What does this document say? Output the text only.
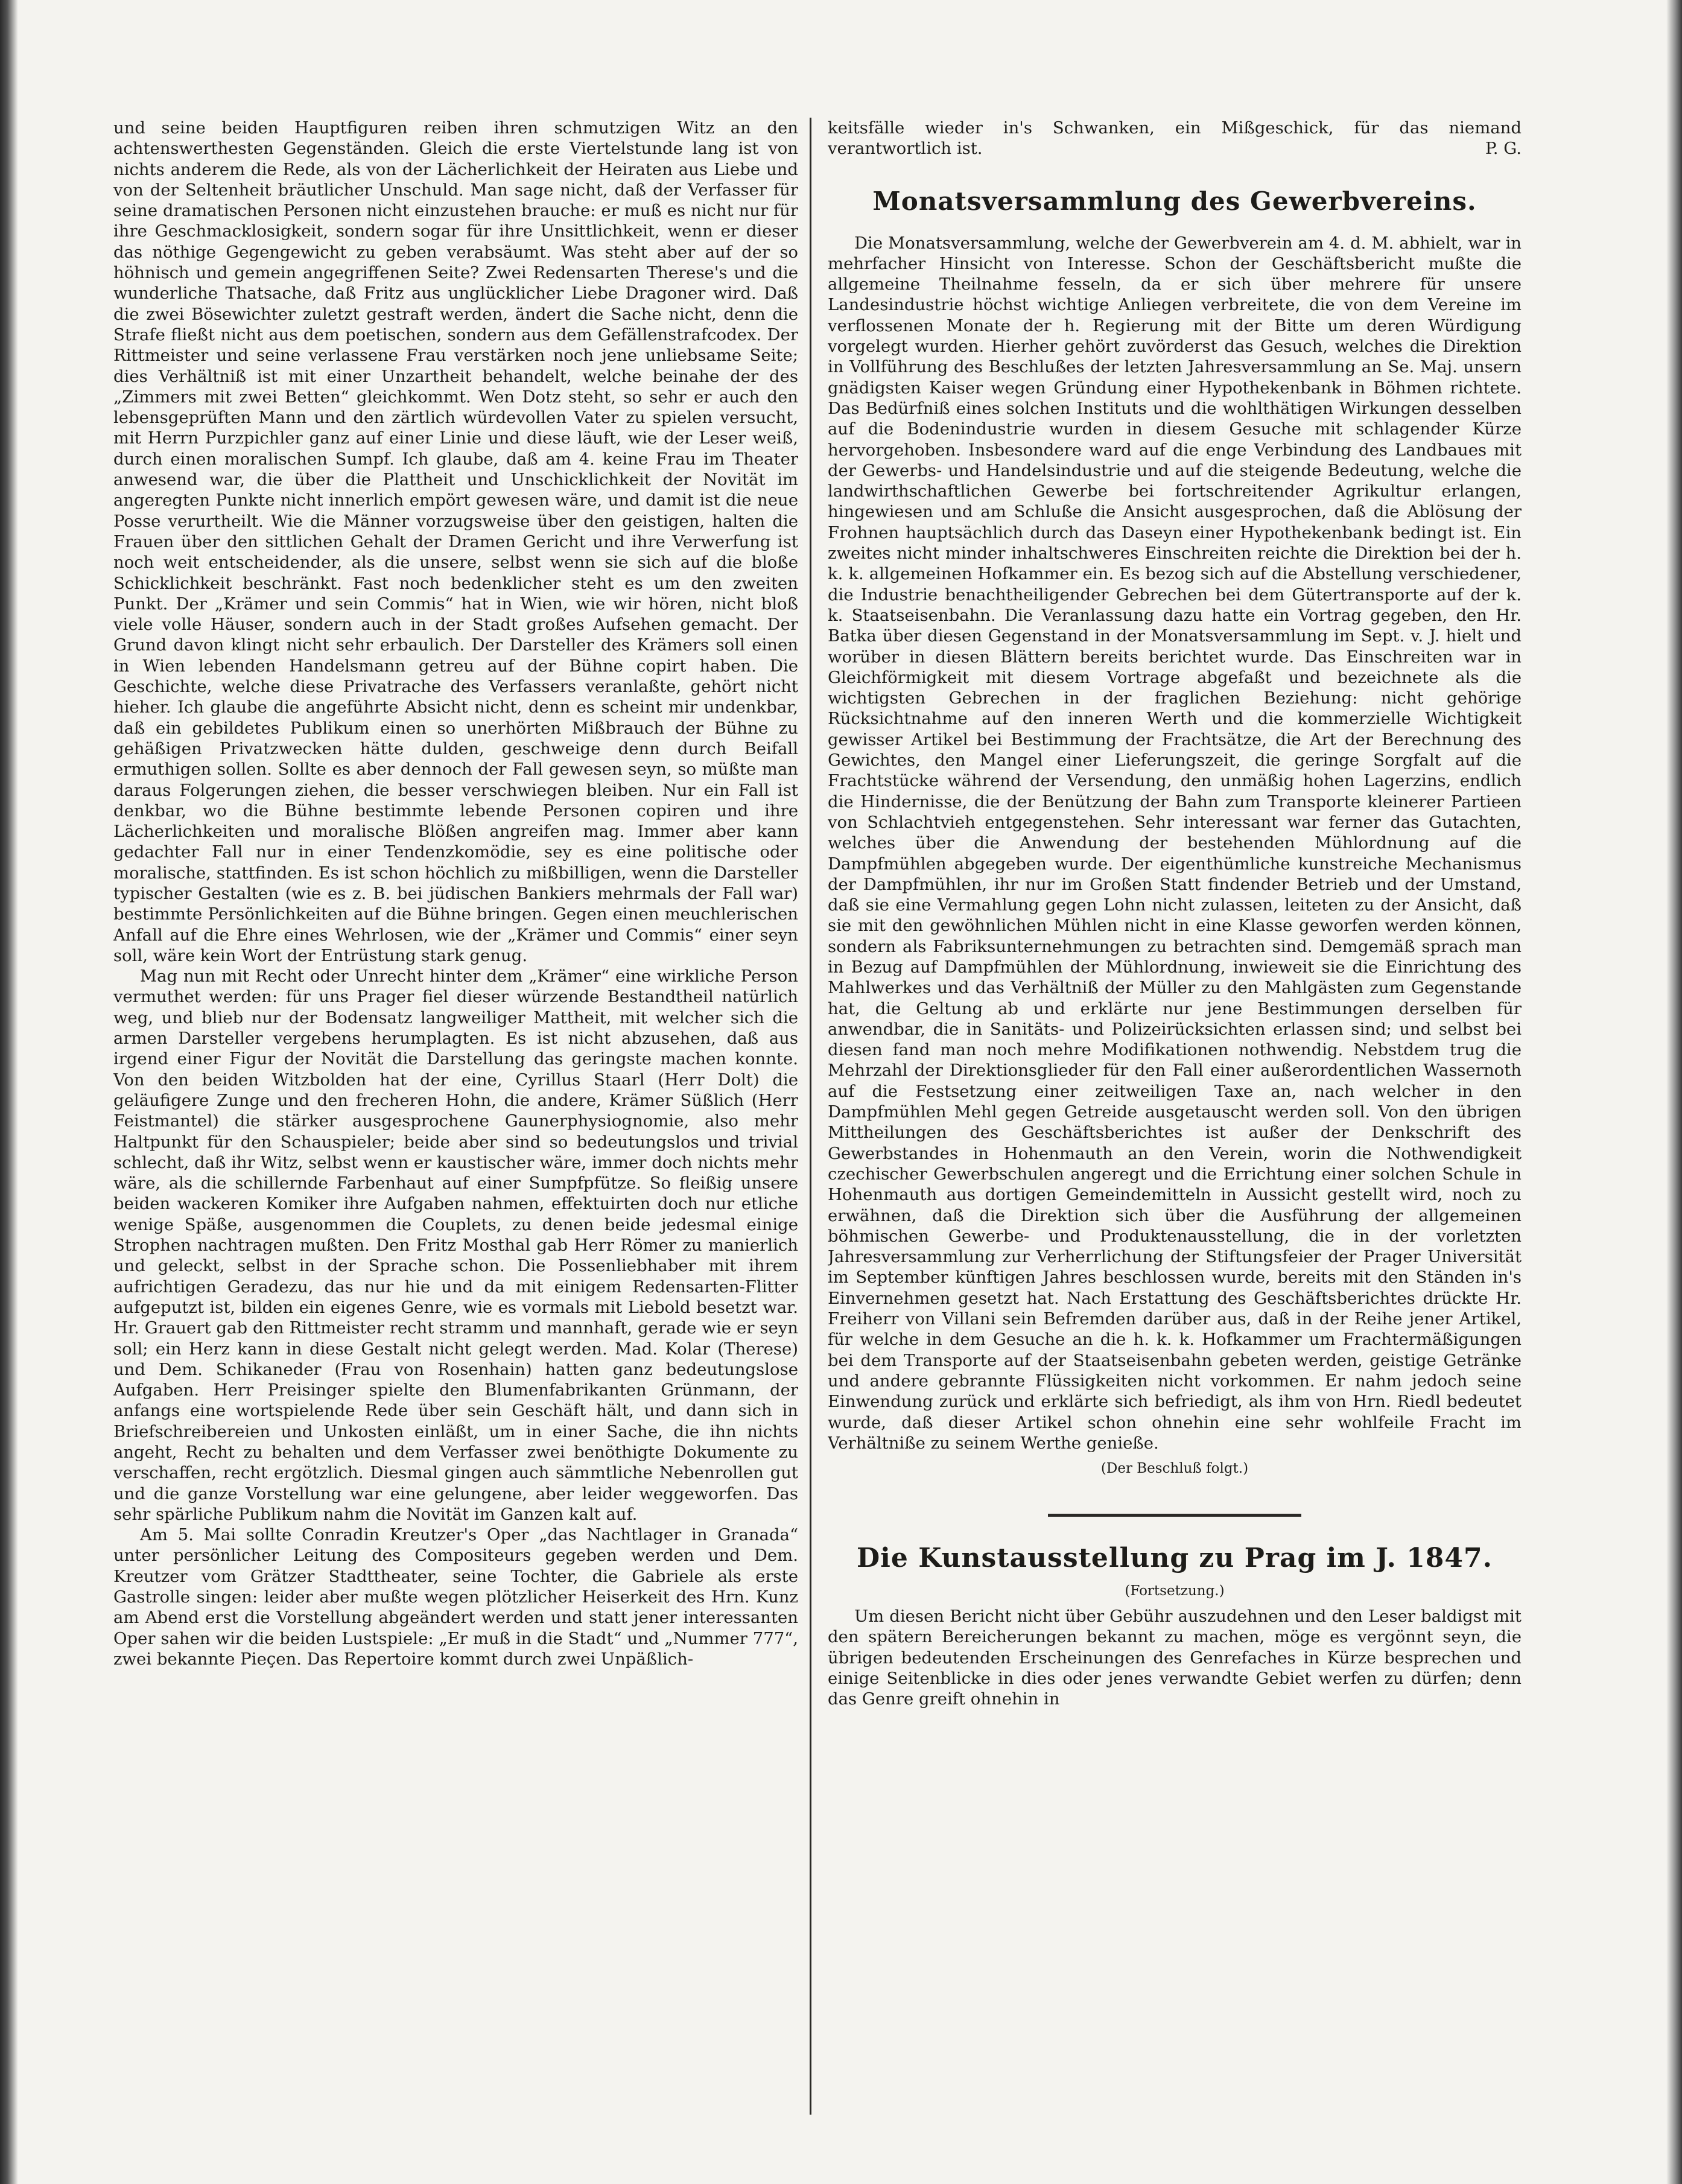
und seine beiden Hauptfiguren reiben ihren schmutzigen Witz an den achtenswerthesten Gegenständen. Gleich die erste Viertelstunde lang ist von nichts anderem die Rede, als von der Lächerlichkeit der Heiraten aus Liebe und von der Seltenheit bräutlicher Unschuld. Man sage nicht, daß der Verfasser für seine dramatischen Personen nicht einzustehen brauche: er muß es nicht nur für ihre Geschmacklosigkeit, sondern sogar für ihre Unsittlichkeit, wenn er dieser das nöthige Gegengewicht zu geben verabsäumt. Was steht aber auf der so höhnisch und gemein angegriffenen Seite? Zwei Redensarten Therese's und die wunderliche Thatsache, daß Fritz aus unglücklicher Liebe Dragoner wird. Daß die zwei Bösewichter zuletzt gestraft werden, ändert die Sache nicht, denn die Strafe fließt nicht aus dem poetischen, sondern aus dem Gefällenstrafcodex. Der Rittmeister und seine verlassene Frau verstärken noch jene unliebsame Seite; dies Verhältniß ist mit einer Unzartheit behandelt, welche beinahe der des „Zimmers mit zwei Betten“ gleichkommt. Wen Dotz steht, so sehr er auch den lebensgeprüften Mann und den zärtlich würdevollen Vater zu spielen versucht, mit Herrn Purzpichler ganz auf einer Linie und diese läuft, wie der Leser weiß, durch einen moralischen Sumpf. Ich glaube, daß am 4. keine Frau im Theater anwesend war, die über die Plattheit und Unschicklichkeit der Novität im angeregten Punkte nicht innerlich empört gewesen wäre, und damit ist die neue Posse verurtheilt. Wie die Männer vorzugsweise über den geistigen, halten die Frauen über den sittlichen Gehalt der Dramen Gericht und ihre Verwerfung ist noch weit entscheidender, als die unsere, selbst wenn sie sich auf die bloße Schicklichkeit beschränkt. Fast noch bedenklicher steht es um den zweiten Punkt. Der „Krämer und sein Commis“ hat in Wien, wie wir hören, nicht bloß viele volle Häuser, sondern auch in der Stadt großes Aufsehen gemacht. Der Grund davon klingt nicht sehr erbaulich. Der Darsteller des Krämers soll einen in Wien lebenden Handelsmann getreu auf der Bühne copirt haben. Die Geschichte, welche diese Privatrache des Verfassers veranlaßte, gehört nicht hieher. Ich glaube die angeführte Absicht nicht, denn es scheint mir undenkbar, daß ein gebildetes Publikum einen so unerhörten Mißbrauch der Bühne zu gehäßigen Privatzwecken hätte dulden, geschweige denn durch Beifall ermuthigen sollen. Sollte es aber dennoch der Fall gewesen seyn, so müßte man daraus Folgerungen ziehen, die besser verschwiegen bleiben. Nur ein Fall ist denkbar, wo die Bühne bestimmte lebende Personen copiren und ihre Lächerlichkeiten und moralische Blößen angreifen mag. Immer aber kann gedachter Fall nur in einer Tendenzkomödie, sey es eine politische oder moralische, stattfinden. Es ist schon höchlich zu mißbilligen, wenn die Darsteller typischer Gestalten (wie es z. B. bei jüdischen Bankiers mehrmals der Fall war) bestimmte Persönlichkeiten auf die Bühne bringen. Gegen einen meuchlerischen Anfall auf die Ehre eines Wehrlosen, wie der „Krämer und Commis“ einer seyn soll, wäre kein Wort der Entrüstung stark genug.

Mag nun mit Recht oder Unrecht hinter dem „Krämer“ eine wirkliche Person vermuthet werden: für uns Prager fiel dieser würzende Bestandtheil natürlich weg, und blieb nur der Bodensatz langweiliger Mattheit, mit welcher sich die armen Darsteller vergebens herumplagten. Es ist nicht abzusehen, daß aus irgend einer Figur der Novität die Darstellung das geringste machen konnte. Von den beiden Witzbolden hat der eine, Cyrillus Staarl (Herr Dolt) die geläufigere Zunge und den frecheren Hohn, die andere, Krämer Süßlich (Herr Feistmantel) die stärker ausgesprochene Gaunerphysiognomie, also mehr Haltpunkt für den Schauspieler; beide aber sind so bedeutungslos und trivial schlecht, daß ihr Witz, selbst wenn er kaustischer wäre, immer doch nichts mehr wäre, als die schillernde Farbenhaut auf einer Sumpfpfütze. So fleißig unsere beiden wackeren Komiker ihre Aufgaben nahmen, effektuirten doch nur etliche wenige Späße, ausgenommen die Couplets, zu denen beide jedesmal einige Strophen nachtragen mußten. Den Fritz Mosthal gab Herr Römer zu manierlich und geleckt, selbst in der Sprache schon. Die Possenliebhaber mit ihrem aufrichtigen Geradezu, das nur hie und da mit einigem Redensarten-Flitter aufgeputzt ist, bilden ein eigenes Genre, wie es vormals mit Liebold besetzt war. Hr. Grauert gab den Rittmeister recht stramm und mannhaft, gerade wie er seyn soll; ein Herz kann in diese Gestalt nicht gelegt werden. Mad. Kolar (Therese) und Dem. Schikaneder (Frau von Rosenhain) hatten ganz bedeutungslose Aufgaben. Herr Preisinger spielte den Blumenfabrikanten Grünmann, der anfangs eine wortspielende Rede über sein Geschäft hält, und dann sich in Briefschreibereien und Unkosten einläßt, um in einer Sache, die ihn nichts angeht, Recht zu behalten und dem Verfasser zwei benöthigte Dokumente zu verschaffen, recht ergötzlich. Diesmal gingen auch sämmtliche Nebenrollen gut und die ganze Vorstellung war eine gelungene, aber leider weggeworfen. Das sehr spärliche Publikum nahm die Novität im Ganzen kalt auf.

Am 5. Mai sollte Conradin Kreutzer's Oper „das Nachtlager in Granada“ unter persönlicher Leitung des Compositeurs gegeben werden und Dem. Kreutzer vom Grätzer Stadttheater, seine Tochter, die Gabriele als erste Gastrolle singen: leider aber mußte wegen plötzlicher Heiserkeit des Hrn. Kunz am Abend erst die Vorstellung abgeändert werden und statt jener interessanten Oper sahen wir die beiden Lustspiele: „Er muß in die Stadt“ und „Nummer 777“, zwei bekannte Pieçen. Das Repertoire kommt durch zwei Unpäßlich-

keitsfälle wieder in's Schwanken, ein Mißgeschick, für das niemand verantwortlich ist.	P. G.

Monatsversammlung des Gewerbvereins.

Die Monatsversammlung, welche der Gewerbverein am 4. d. M. abhielt, war in mehrfacher Hinsicht von Interesse. Schon der Geschäftsbericht mußte die allgemeine Theilnahme fesseln, da er sich über mehrere für unsere Landesindustrie höchst wichtige Anliegen verbreitete, die von dem Vereine im verflossenen Monate der h. Regierung mit der Bitte um deren Würdigung vorgelegt wurden. Hierher gehört zuvörderst das Gesuch, welches die Direktion in Vollführung des Beschlußes der letzten Jahresversammlung an Se. Maj. unsern gnädigsten Kaiser wegen Gründung einer Hypothekenbank in Böhmen richtete. Das Bedürfniß eines solchen Instituts und die wohlthätigen Wirkungen desselben auf die Bodenindustrie wurden in diesem Gesuche mit schlagender Kürze hervorgehoben. Insbesondere ward auf die enge Verbindung des Landbaues mit der Gewerbs- und Handelsindustrie und auf die steigende Bedeutung, welche die landwirthschaftlichen Gewerbe bei fortschreitender Agrikultur erlangen, hingewiesen und am Schluße die Ansicht ausgesprochen, daß die Ablösung der Frohnen hauptsächlich durch das Daseyn einer Hypothekenbank bedingt ist. Ein zweites nicht minder inhaltschweres Einschreiten reichte die Direktion bei der h. k. k. allgemeinen Hofkammer ein. Es bezog sich auf die Abstellung verschiedener, die Industrie benachtheiligender Gebrechen bei dem Gütertransporte auf der k. k. Staatseisenbahn. Die Veranlassung dazu hatte ein Vortrag gegeben, den Hr. Batka über diesen Gegenstand in der Monatsversammlung im Sept. v. J. hielt und worüber in diesen Blättern bereits berichtet wurde. Das Einschreiten war in Gleichförmigkeit mit diesem Vortrage abgefaßt und bezeichnete als die wichtigsten Gebrechen in der fraglichen Beziehung: nicht gehörige Rücksichtnahme auf den inneren Werth und die kommerzielle Wichtigkeit gewisser Artikel bei Bestimmung der Frachtsätze, die Art der Berechnung des Gewichtes, den Mangel einer Lieferungszeit, die geringe Sorgfalt auf die Frachtstücke während der Versendung, den unmäßig hohen Lagerzins, endlich die Hindernisse, die der Benützung der Bahn zum Transporte kleinerer Partieen von Schlachtvieh entgegenstehen. Sehr interessant war ferner das Gutachten, welches über die Anwendung der bestehenden Mühlordnung auf die Dampfmühlen abgegeben wurde. Der eigenthümliche kunstreiche Mechanismus der Dampfmühlen, ihr nur im Großen Statt findender Betrieb und der Umstand, daß sie eine Vermahlung gegen Lohn nicht zulassen, leiteten zu der Ansicht, daß sie mit den gewöhnlichen Mühlen nicht in eine Klasse geworfen werden können, sondern als Fabriksunternehmungen zu betrachten sind. Demgemäß sprach man in Bezug auf Dampfmühlen der Mühlordnung, inwieweit sie die Einrichtung des Mahlwerkes und das Verhältniß der Müller zu den Mahlgästen zum Gegenstande hat, die Geltung ab und erklärte nur jene Bestimmungen derselben für anwendbar, die in Sanitäts- und Polizeirücksichten erlassen sind; und selbst bei diesen fand man noch mehre Modifikationen nothwendig. Nebstdem trug die Mehrzahl der Direktionsglieder für den Fall einer außerordentlichen Wassernoth auf die Festsetzung einer zeitweiligen Taxe an, nach welcher in den Dampfmühlen Mehl gegen Getreide ausgetauscht werden soll. Von den übrigen Mittheilungen des Geschäftsberichtes ist außer der Denkschrift des Gewerbstandes in Hohenmauth an den Verein, worin die Nothwendigkeit czechischer Gewerbschulen angeregt und die Errichtung einer solchen Schule in Hohenmauth aus dortigen Gemeindemitteln in Aussicht gestellt wird, noch zu erwähnen, daß die Direktion sich über die Ausführung der allgemeinen böhmischen Gewerbe- und Produktenausstellung, die in der vorletzten Jahresversammlung zur Verherrlichung der Stiftungsfeier der Prager Universität im September künftigen Jahres beschlossen wurde, bereits mit den Ständen in's Einvernehmen gesetzt hat. Nach Erstattung des Geschäftsberichtes drückte Hr. Freiherr von Villani sein Befremden darüber aus, daß in der Reihe jener Artikel, für welche in dem Gesuche an die h. k. k. Hofkammer um Frachtermäßigungen bei dem Transporte auf der Staatseisenbahn gebeten werden, geistige Getränke und andere gebrannte Flüssigkeiten nicht vorkommen. Er nahm jedoch seine Einwendung zurück und erklärte sich befriedigt, als ihm von Hrn. Riedl bedeutet wurde, daß dieser Artikel schon ohnehin eine sehr wohlfeile Fracht im Verhältniße zu seinem Werthe genieße.

(Der Beschluß folgt.)
Die Kunstausstellung zu Prag im J. 1847.
(Fortsetzung.)

Um diesen Bericht nicht über Gebühr auszudehnen und den Leser baldigst mit den spätern Bereicherungen bekannt zu machen, möge es vergönnt seyn, die übrigen bedeutenden Erscheinungen des Genrefaches in Kürze besprechen und einige Seitenblicke in dies oder jenes verwandte Gebiet werfen zu dürfen; denn das Genre greift ohnehin in
